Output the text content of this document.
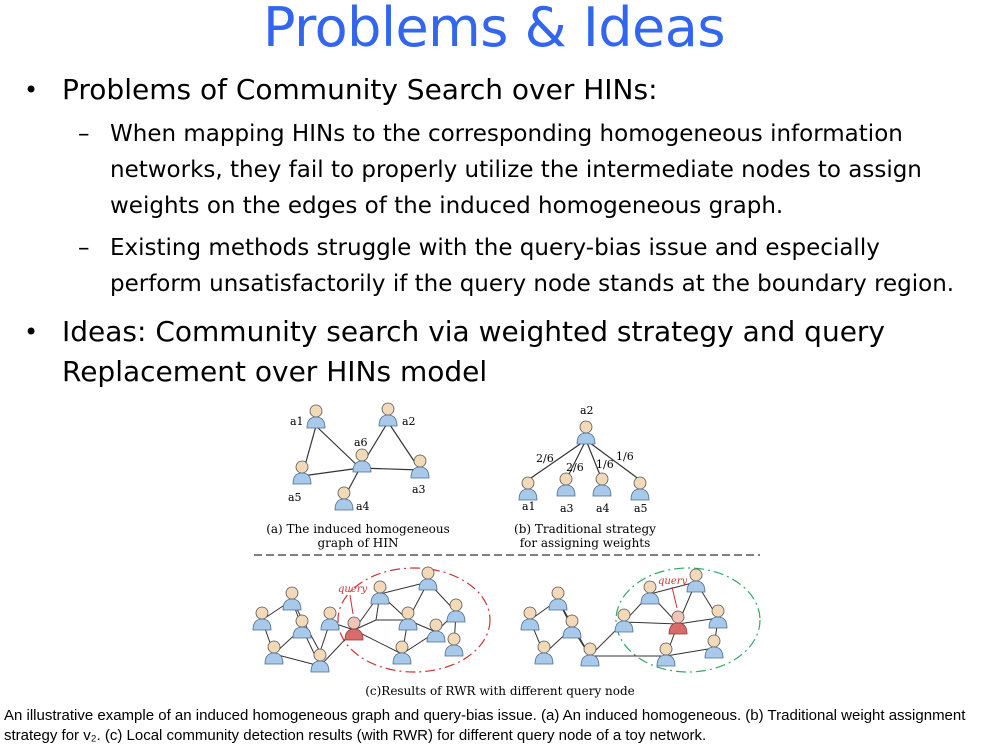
Problems & Ideas
• Problems of Community Search over HINs:
– When mapping HINs to the corresponding homogeneous information networks, they fail to properly utilize the intermediate nodes to assign weights on the edges of the induced homogeneous graph.
– Existing methods struggle with the query-bias issue and especially perform unsatisfactorily if the query node stands at the boundary region.
• Ideas: Community search via weighted strategy and query Replacement over HINs model
a1	a2
a6
a5
a4
a3
a2
a1 a3 a4 a5
2/6
2/6 1/6
1/6
query
query
(a) The induced homogeneous graph of HIN
(b) Traditional strategy for assigning weights
(c)Results of RWR with different query node
An illustrative example of an induced homogeneous graph and query-bias issue. (a) An induced homogeneous. (b) Traditional weight assignment strategy for v₂. (c) Local community detection results (with RWR) for different query node of a toy network.
